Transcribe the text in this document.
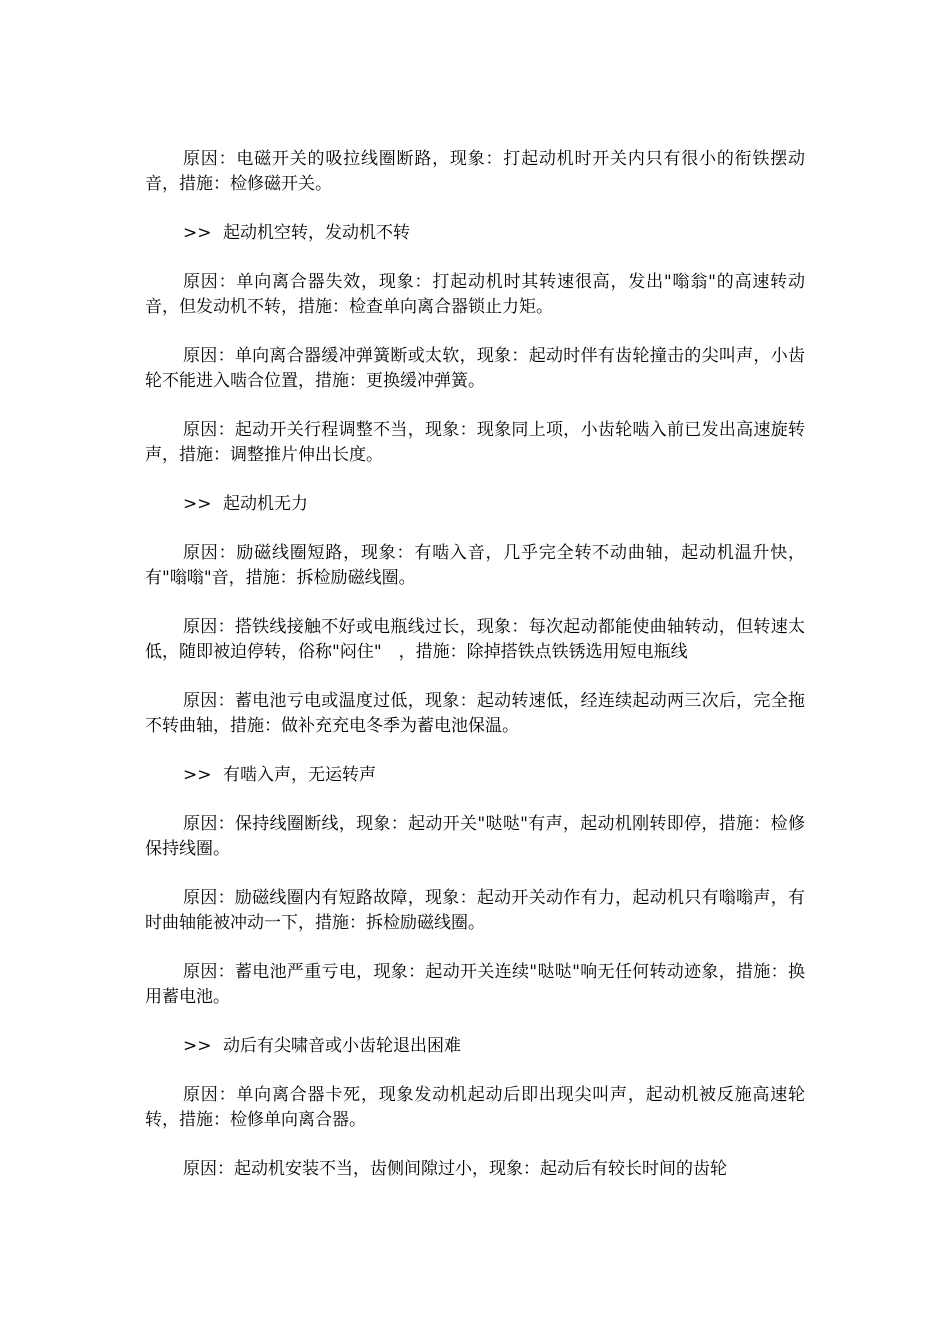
原因：电磁开关的吸拉线圈断路，现象：打起动机时开关内只有很小的衔铁摆动音，措施：检修磁开关。

>> 起动机空转，发动机不转

原因：单向离合器失效，现象：打起动机时其转速很高，发出"嗡翁"的高速转动音，但发动机不转，措施：检查单向离合器锁止力矩。

原因：单向离合器缓冲弹簧断或太软，现象：起动时伴有齿轮撞击的尖叫声，小齿轮不能进入啮合位置，措施：更换缓冲弹簧。

原因：起动开关行程调整不当，现象：现象同上项，小齿轮啮入前已发出高速旋转声，措施：调整推片伸出长度。

>> 起动机无力

原因：励磁线圈短路，现象：有啮入音，几乎完全转不动曲轴，起动机温升快，有"嗡嗡"音，措施：拆检励磁线圈。

原因：搭铁线接触不好或电瓶线过长，现象：每次起动都能使曲轴转动，但转速太低，随即被迫停转，俗称"闷住"　，措施：除掉搭铁点铁锈选用短电瓶线

原因：蓄电池亏电或温度过低，现象：起动转速低，经连续起动两三次后，完全拖不转曲轴，措施：做补充充电冬季为蓄电池保温。

>> 有啮入声，无运转声

原因：保持线圈断线，现象：起动开关"哒哒"有声，起动机刚转即停，措施：检修保持线圈。

原因：励磁线圈内有短路故障，现象：起动开关动作有力，起动机只有嗡嗡声，有时曲轴能被冲动一下，措施：拆检励磁线圈。

原因：蓄电池严重亏电，现象：起动开关连续"哒哒"响无任何转动迹象，措施：换用蓄电池。

>> 动后有尖啸音或小齿轮退出困难

原因：单向离合器卡死，现象发动机起动后即出现尖叫声，起动机被反施高速轮转，措施：检修单向离合器。

原因：起动机安装不当，齿侧间隙过小，现象：起动后有较长时间的齿轮
